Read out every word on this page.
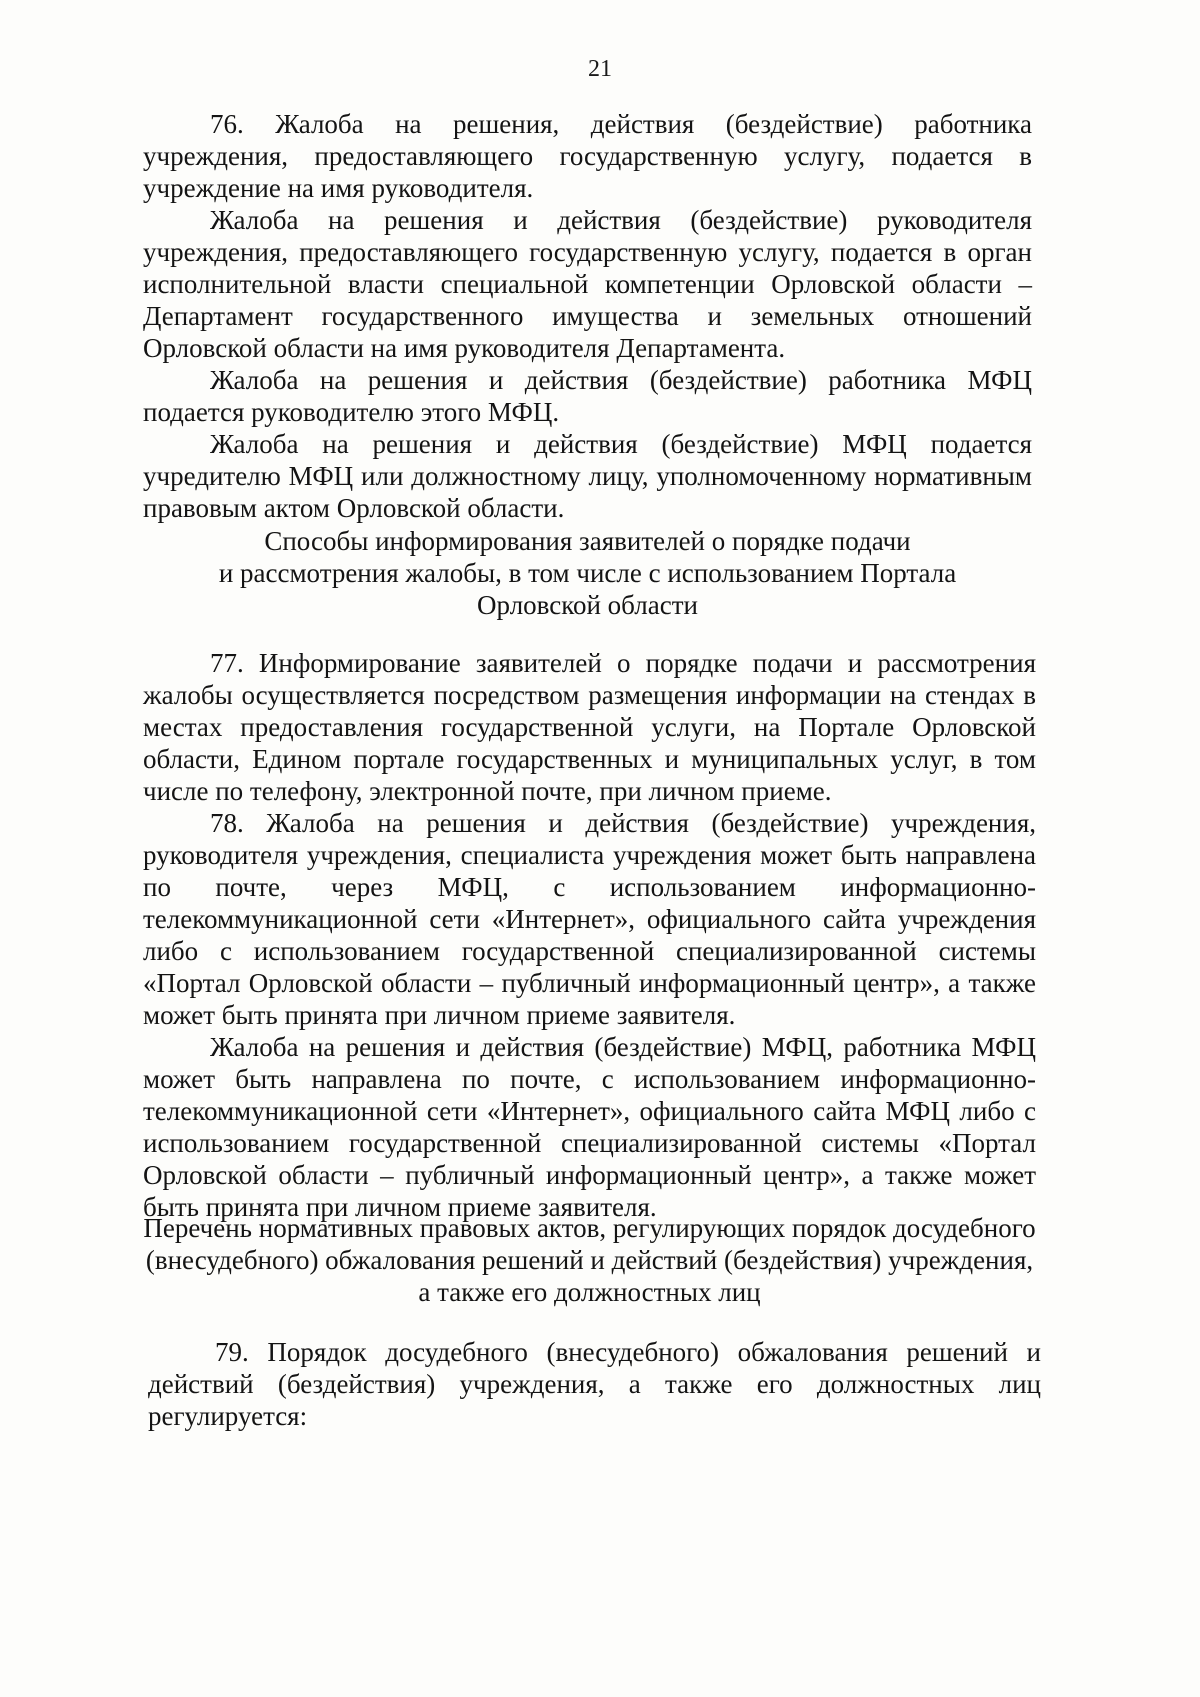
21

76. Жалоба на решения, действия (бездействие) работника учреждения, предоставляющего государственную услугу, подается в учреждение на имя руководителя.

Жалоба на решения и действия (бездействие) руководителя учреждения, предоставляющего государственную услугу, подается в орган исполнительной власти специальной компетенции Орловской области – Департамент государственного имущества и земельных отношений Орловской области на имя руководителя Департамента.

Жалоба на решения и действия (бездействие) работника МФЦ подается руководителю этого МФЦ.

Жалоба на решения и действия (бездействие) МФЦ подается учредителю МФЦ или должностному лицу, уполномоченному нормативным правовым актом Орловской области.

Способы информирования заявителей о порядке подачи
и рассмотрения жалобы, в том числе с использованием Портала
Орловской области

77. Информирование заявителей о порядке подачи и рассмотрения жалобы осуществляется посредством размещения информации на стендах в местах предоставления государственной услуги, на Портале Орловской области, Едином портале государственных и муниципальных услуг, в том числе по телефону, электронной почте, при личном приеме.

78. Жалоба на решения и действия (бездействие) учреждения, руководителя учреждения, специалиста учреждения может быть направлена по почте, через МФЦ, с использованием информационно-телекоммуникационной сети «Интернет», официального сайта учреждения либо с использованием государственной специализированной системы «Портал Орловской области – публичный информационный центр», а также может быть принята при личном приеме заявителя.

Жалоба на решения и действия (бездействие) МФЦ, работника МФЦ может быть направлена по почте, с использованием информационно-телекоммуникационной сети «Интернет», официального сайта МФЦ либо с использованием государственной специализированной системы «Портал Орловской области – публичный информационный центр», а также может быть принята при личном приеме заявителя.

Перечень нормативных правовых актов, регулирующих порядок досудебного
(внесудебного) обжалования решений и действий (бездействия) учреждения,
а также его должностных лиц

79. Порядок досудебного (внесудебного) обжалования решений и действий (бездействия) учреждения, а также его должностных лиц регулируется:
